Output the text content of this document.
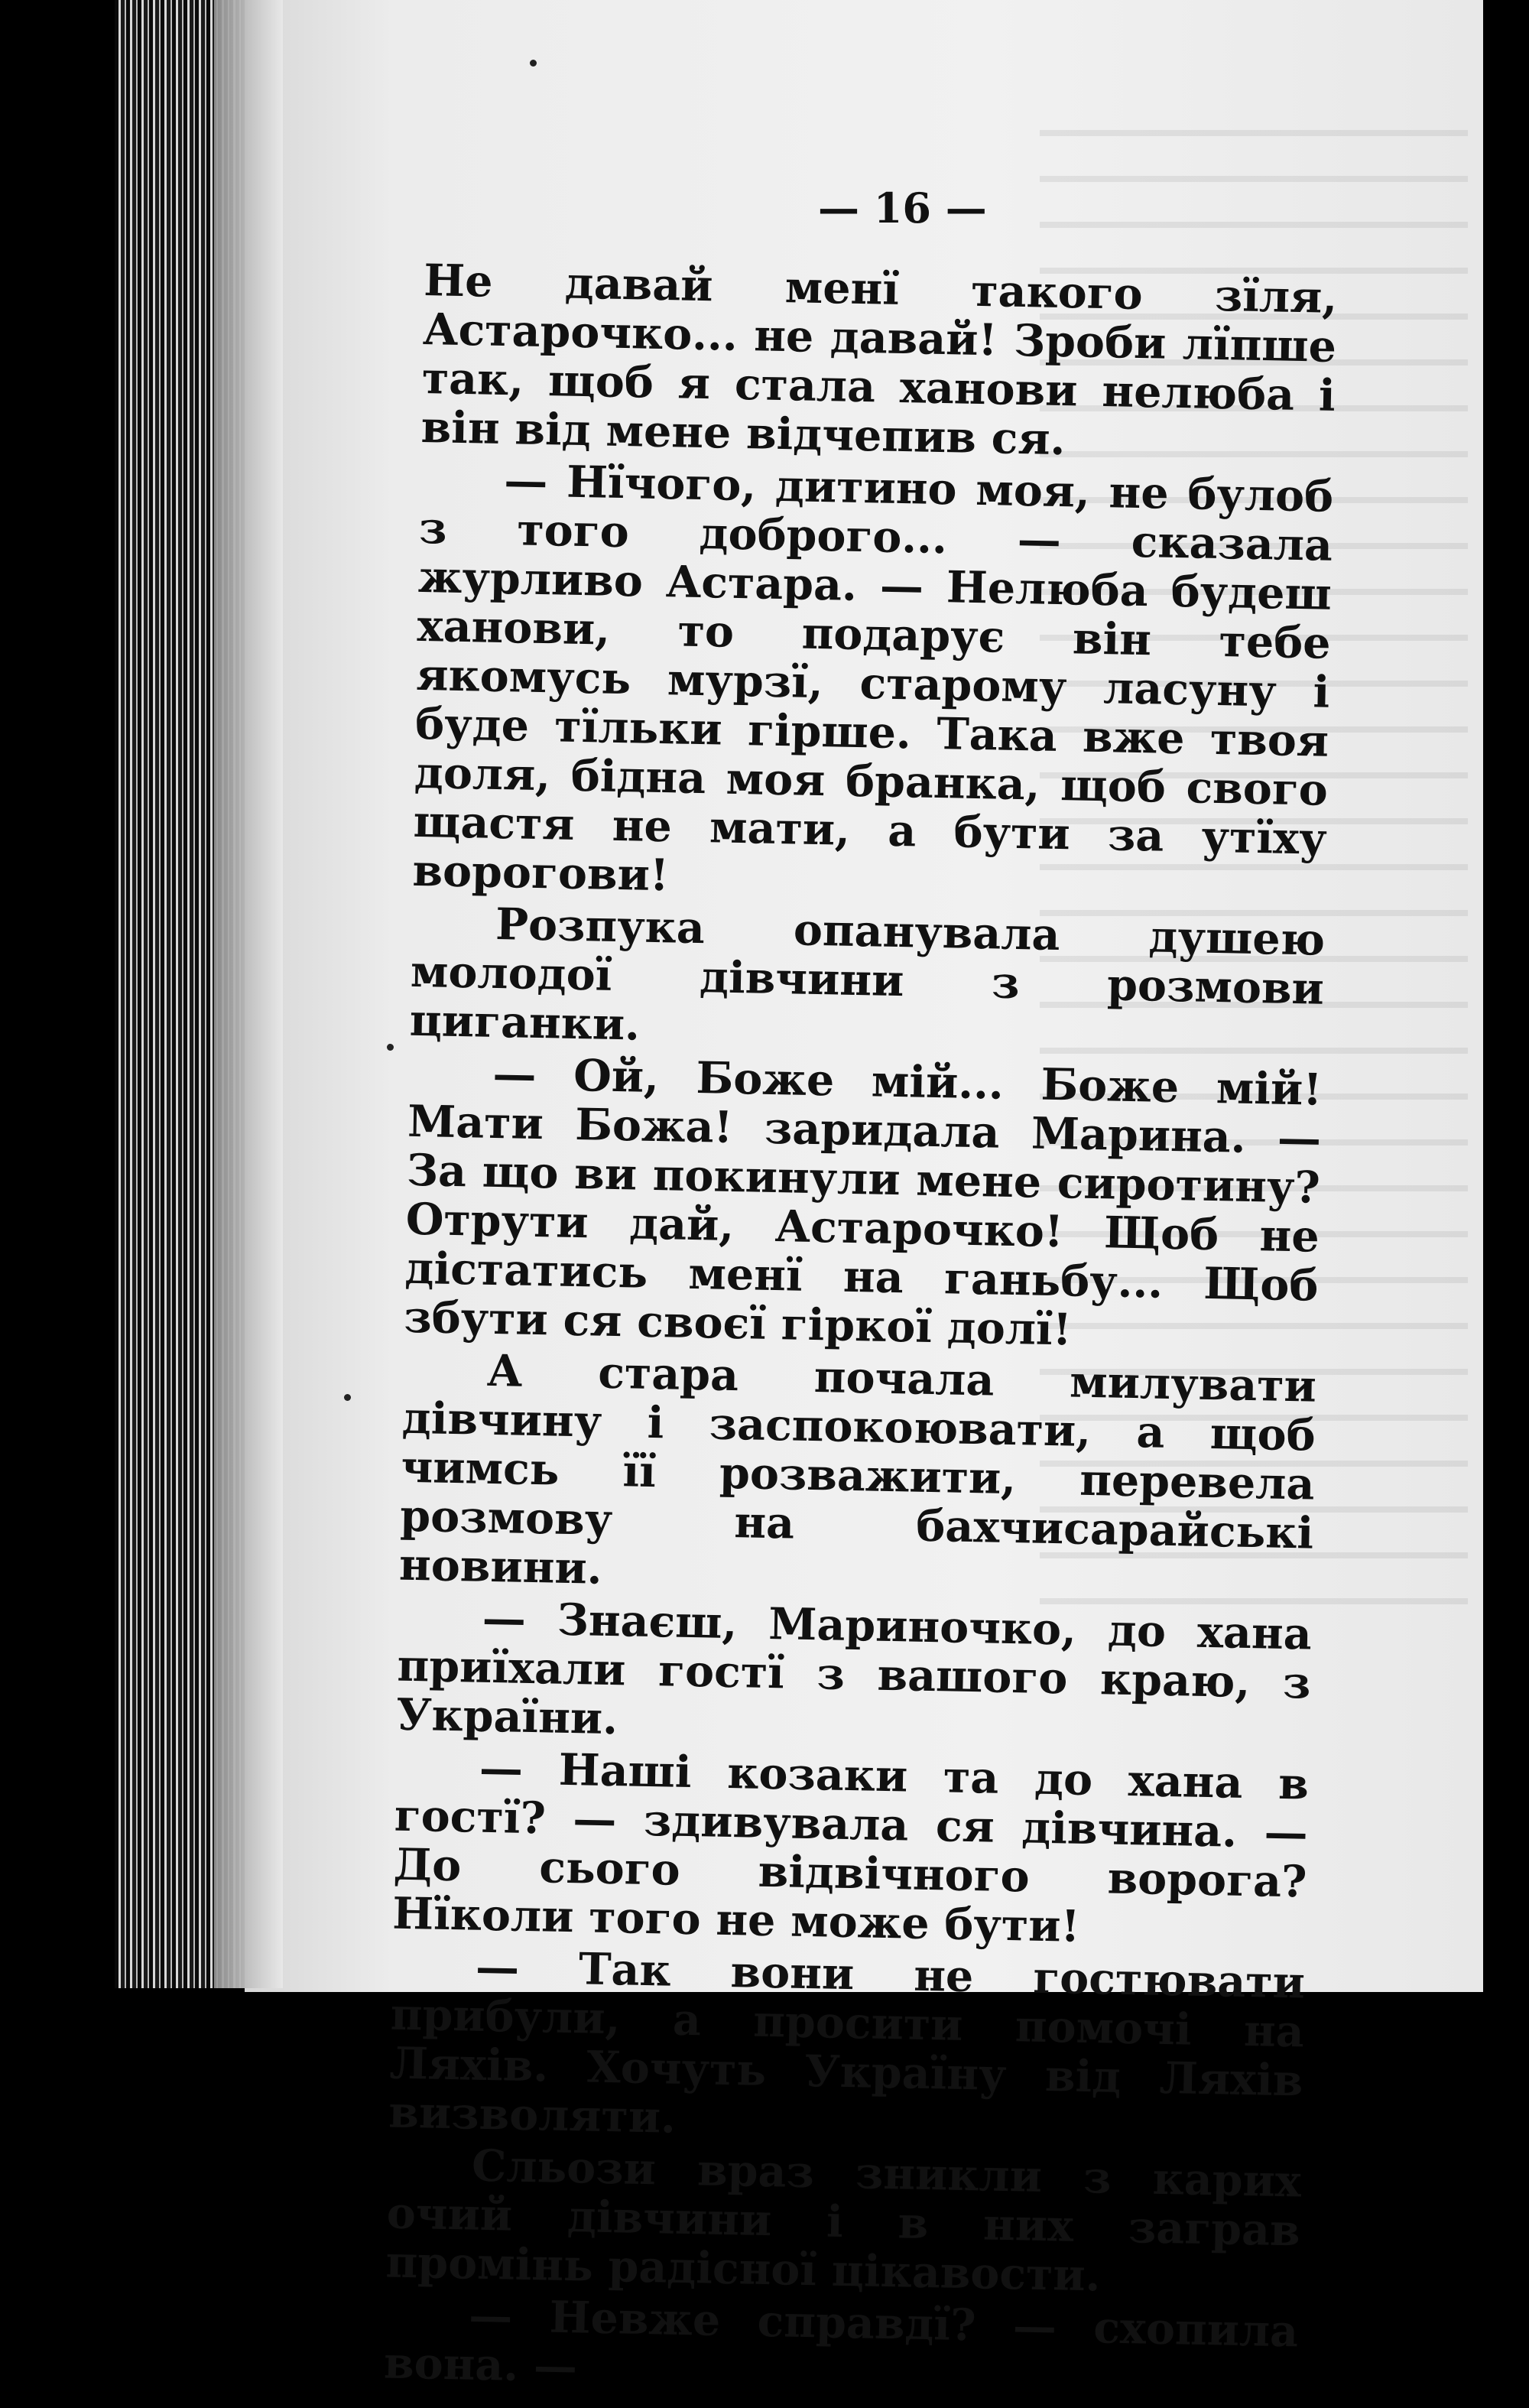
— 16 —

Не давай менї такого зїля, Астарочко... не давай! Зроби лїпше так, щоб я стала ханови нелюба і він від мене відчепив ся.

— Нїчого, дитино моя, не булоб з того доброго... — сказала журливо Астара. — Нелюба будеш ханови, то подарує він тебе якомусь мурзї, старому ласуну і буде тїльки гірше. Така вже твоя доля, бідна моя бранка, щоб свого щастя не мати, а бути за утїху ворогови!

Розпука опанувала душею молодої дівчини з розмови циганки.

— Ой, Боже мій... Боже мій! Мати Божа! заридала Марина. — За що ви покинули мене сиротину? Отрути дай, Астарочко! Щоб не дістатись менї на ганьбу... Щоб збути ся своєї гіркої долї!

А стара почала милувати дівчину і заспокоювати, а щоб чимсь її розважити, перевела розмову на бахчисарайські новини.

— Знаєш, Мариночко, до хана приїхали гостї з вашого краю, з України.

— Наші козаки та до хана в гостї? — здивувала ся дівчина. — До сього відвічного ворога? Нїколи того не може бути!

— Так вони не гостювати прибули, а просити помочі на Ляхів. Хочуть Україну від Ляхів визволяти.

Сльози враз зникли з карих очий дівчини і в них заграв промінь радісної цікавости.

— Невже справдї? — схопила вона. —
